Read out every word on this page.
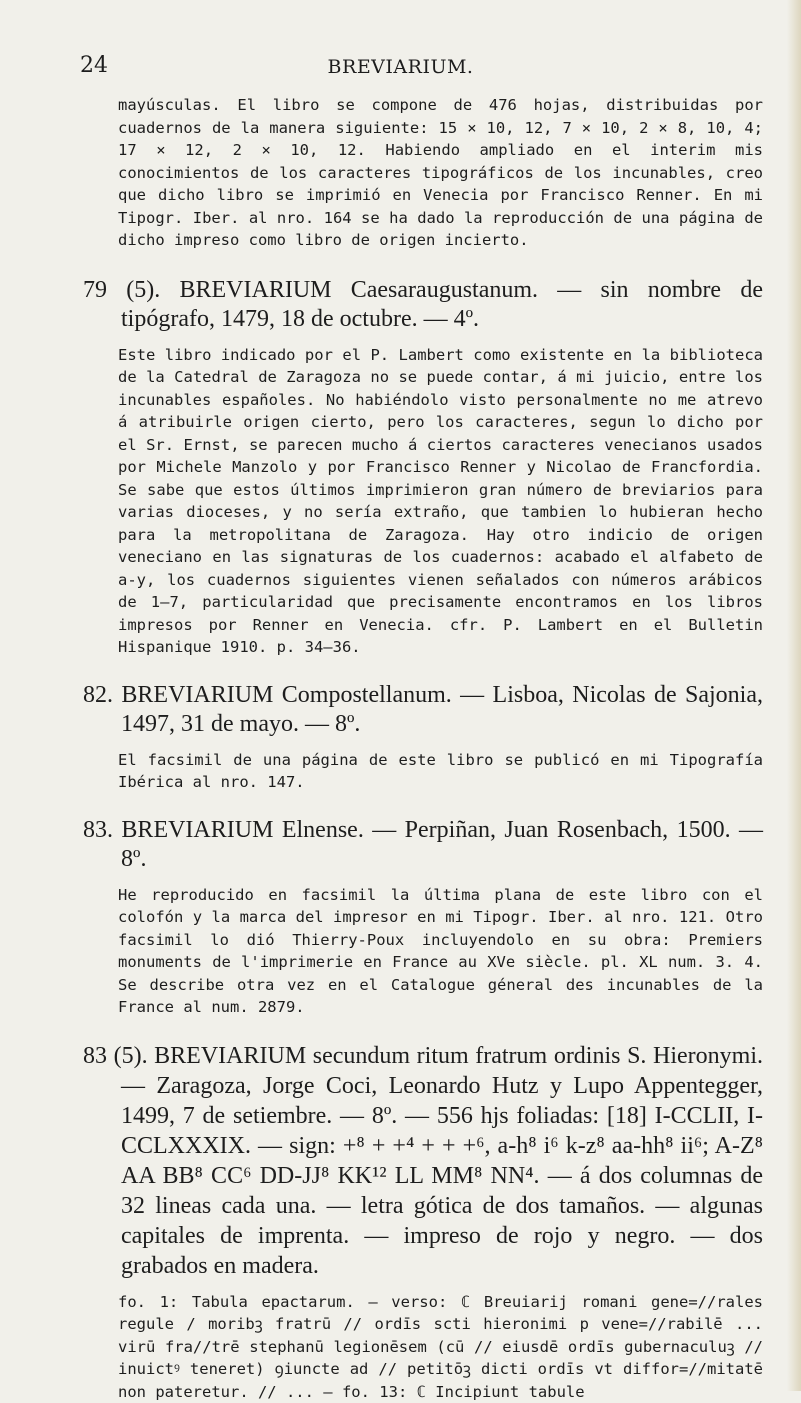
24	BREVIARIUM.

mayúsculas. El libro se compone de 476 hojas, distribuidas por cuadernos de la manera siguiente: 15 × 10, 12, 7 × 10, 2 × 8, 10, 4; 17 × 12, 2 × 10, 12. Habiendo ampliado en el interim mis conocimientos de los caracteres tipográficos de los incunables, creo que dicho libro se imprimió en Venecia por Francisco Renner. En mi Tipogr. Iber. al nro. 164 se ha dado la reproducción de una página de dicho impreso como libro de origen incierto.

79 (5). BREVIARIUM Caesaraugustanum. — sin nombre de tipógrafo, 1479, 18 de octubre. — 4º.

Este libro indicado por el P. Lambert como existente en la biblioteca de la Catedral de Zaragoza no se puede contar, á mi juicio, entre los incunables españoles. No habiéndolo visto personalmente no me atrevo á atribuirle origen cierto, pero los caracteres, segun lo dicho por el Sr. Ernst, se parecen mucho á ciertos caracteres venecianos usados por Michele Manzolo y por Francisco Renner y Nicolao de Francfordia. Se sabe que estos últimos imprimieron gran número de breviarios para varias dioceses, y no sería extraño, que tambien lo hubieran hecho para la metropolitana de Zaragoza. Hay otro indicio de origen veneciano en las signaturas de los cuadernos: acabado el alfabeto de a-y, los cuadernos siguientes vienen señalados con números arábicos de 1—7, particularidad que precisamente encontramos en los libros impresos por Renner en Venecia. cfr. P. Lambert en el Bulletin Hispanique 1910. p. 34—36.

82. BREVIARIUM Compostellanum. — Lisboa, Nicolas de Sajonia, 1497, 31 de mayo. — 8º.

El facsimil de una página de este libro se publicó en mi Tipografía Ibérica al nro. 147.

83. BREVIARIUM Elnense. — Perpiñan, Juan Rosenbach, 1500. — 8º.

He reproducido en facsimil la última plana de este libro con el colofón y la marca del impresor en mi Tipogr. Iber. al nro. 121. Otro facsimil lo dió Thierry-Poux incluyendolo en su obra: Premiers monuments de l'imprimerie en France au XVe siècle. pl. XL num. 3. 4. Se describe otra vez en el Catalogue géneral des incunables de la France al num. 2879.

83 (5). BREVIARIUM secundum ritum fratrum ordinis S. Hieronymi. — Zaragoza, Jorge Coci, Leonardo Hutz y Lupo Appentegger, 1499, 7 de setiembre. — 8º. — 556 hjs foliadas: [18] I-CCLII, I-CCLXXXIX. — sign: +⁸ + +⁴ + + +⁶, a-h⁸ i⁶ k-z⁸ aa-hh⁸ ii⁶; A-Z⁸ AA BB⁸ CC⁶ DD-JJ⁸ KK¹² LL MM⁸ NN⁴. — á dos columnas de 32 lineas cada una. — letra gótica de dos tamaños. — algunas capitales de imprenta. — impreso de rojo y negro. — dos grabados en madera.

fo. 1: Tabula epactarum. — verso: ℂ Breuiarij romani gene=//rales regule / moribꝫ fratrū // ordīs scti hieronimi p vene=//rabilē ... virū fra//trē stephanū legionēsem (cū // eiusdē ordīs gubernaculuꝫ // inuictꝰ teneret) ꝯiuncte ad // petitōꝫ dicti ordīs vt diffor=//mitatē non pateretur. // ... — fo. 13: ℂ Incipiunt tabule
